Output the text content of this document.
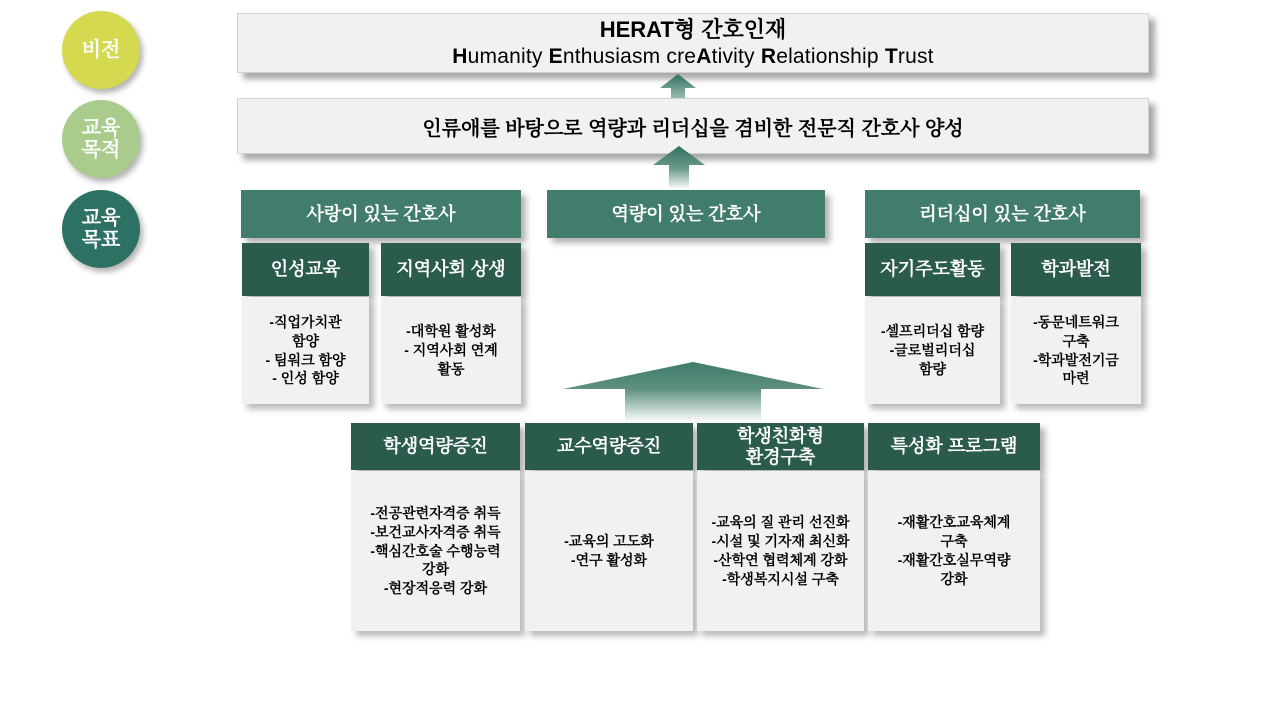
비전
교육
목적
교육
목표
HERAT형 간호인재
Humanity Enthusiasm creAtivity Relationship Trust
인류애를 바탕으로 역량과 리더십을 겸비한 전문직 간호사 양성
사랑이 있는 간호사	역량이 있는 간호사	리더십이 있는 간호사
인성교육	지역사회 상생
-직업가치관
함양
- 팀워크 함양
- 인성 함양
-대학원 활성화
- 지역사회 연계
활동
자기주도활동	학과발전
-셀프리더십 함량
-글로벌리더십
함량
-동문네트워크
구축
-학과발전기금
마련
학생역량증진	교수역량증진
학생친화형
환경구축
특성화 프로그램
-전공관련자격증 취득
-보건교사자격증 취득
-핵심간호술 수행능력
강화
-현장적응력 강화
-교육의 고도화
-연구 활성화
-교육의 질 관리 선진화
-시설 및 기자재 최신화
-산학연 협력체계 강화
-학생복지시설 구축
-재활간호교육체계
구축
-재활간호실무역량
강화
